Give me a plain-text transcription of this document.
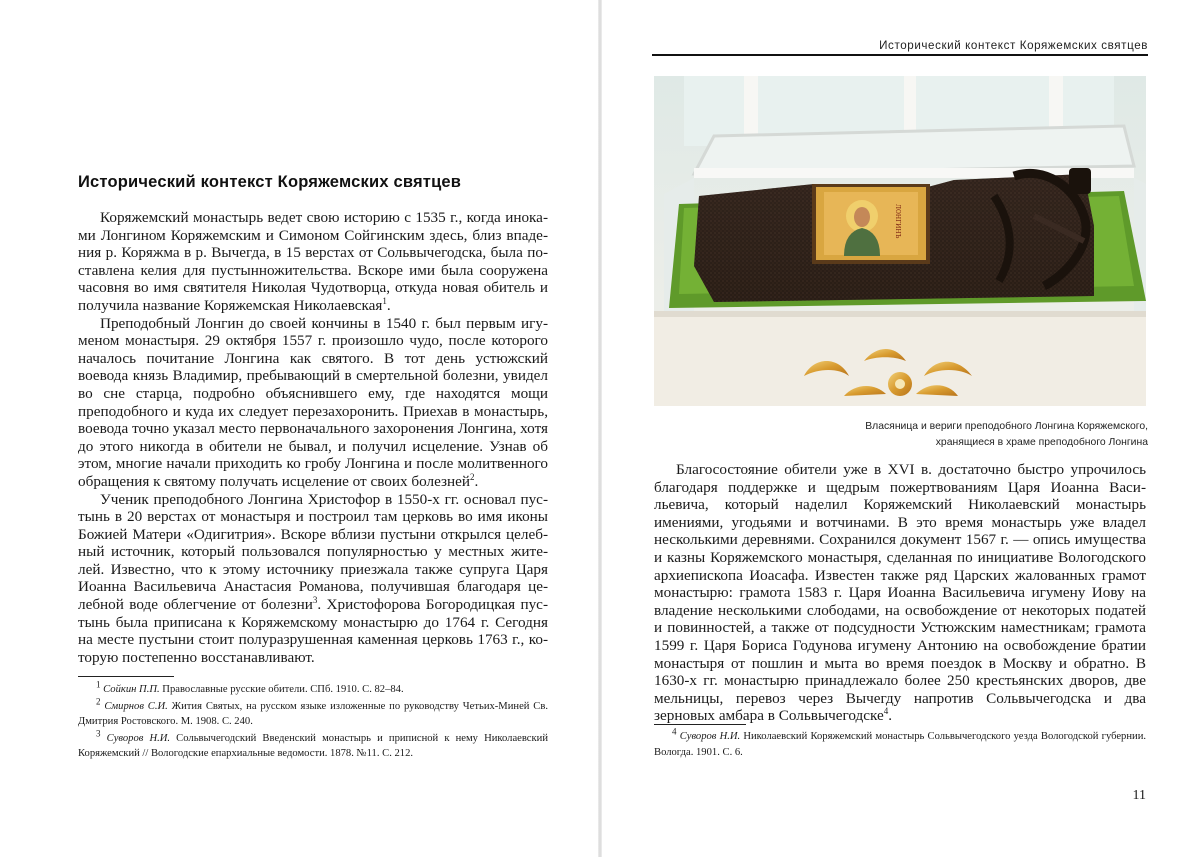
Исторический контекст Коряжемских святцев

Коряжемский монастырь ведет свою историю с 1535 г., когда иноками Лонгином Коряжемским и Симоном Сойгинским здесь, близ впадения р. Коряжма в р. Вычегда, в 15 верстах от Сольвычегодска, была поставлена келия для пустынножительства. Вскоре ими была сооружена часовня во имя святителя Николая Чудотворца, откуда новая обитель и получила название Коряжемская Николаевская$^1$.

Преподобный Лонгин до своей кончины в 1540 г. был первым игуменом монастыря. 29 октября 1557 г. произошло чудо, после которого началось почитание Лонгина как святого. В тот день устюжский воевода князь Владимир, пребывающий в смертельной болезни, увидел во сне старца, подробно объяснившего ему, где находятся мощи преподобного и куда их следует перезахоронить. Приехав в монастырь, воевода точно указал место первоначального захоронения Лонгина, хотя до этого никогда в обители не бывал, и получил исцеление. Узнав об этом, многие начали приходить ко гробу Лонгина и после молитвенного обращения к святому получать исцеление от своих болезней$^2$.

Ученик преподобного Лонгина Христофор в 1550-х гг. основал пустынь в 20 верстах от монастыря и построил там церковь во имя иконы Божией Матери «Одигитрия». Вскоре вблизи пустыни открылся целебный источник, который пользовался популярностью у местных жителей. Известно, что к этому источнику приезжала также супруга Царя Иоанна Васильевича Анастасия Романова, получившая благодаря целебной воде облегчение от болезни$^3$. Христофорова Богородицкая пустынь была приписана к Коряжемскому монастырю до 1764 г. Сегодня на месте пустыни стоит полуразрушенная каменная церковь 1763 г., которую постепенно восстанавливают.

$^1$ Сойкин П.П. Православные русские обители. СПб. 1910. С. 82–84.
$^2$ Смирнов С.И. Жития Святых, на русском языке изложенные по руководству Четьих-Миней Св. Дмитрия Ростовского. М. 1908. С. 240.
$^3$ Суворов Н.И. Сольвычегодский Введенский монастырь и приписной к нему Николаевский Коряжемский // Вологодские епархиальные ведомости. 1878. №11. С. 212.
Исторический контекст Коряжемских святцев
ЛОНГИНЪ
Власяница и вериги преподобного Лонгина Коряжемского,
хранящиеся в храме преподобного Лонгина

Благосостояние обители уже в XVI в. достаточно быстро упрочилось благодаря поддержке и щедрым пожертвованиям Царя Иоанна Васильевича, который наделил Коряжемский Николаевский монастырь имениями, угодьями и вотчинами. В это время монастырь уже владел несколькими деревнями. Сохранился документ 1567 г. — опись имущества и казны Коряжемского монастыря, сделанная по инициативе Вологодского архиепископа Иоасафа. Известен также ряд Царских жалованных грамот монастырю: грамота 1583 г. Царя Иоанна Васильевича игумену Иову на владение несколькими слободами, на освобождение от некоторых податей и повинностей, а также от подсудности Устюжским наместникам; грамота 1599 г. Царя Бориса Годунова игумену Антонию на освобождение братии монастыря от пошлин и мыта во время поездок в Москву и обратно. В 1630-х гг. монастырю принадлежало более 250 крестьянских дворов, две мельницы, перевоз через Вычегду напротив Сольвычегодска и два зерновых амбара в Сольвычегодске$^4$.

$^4$ Суворов Н.И. Николаевский Коряжемский монастырь Сольвычегодского уезда Вологодской губернии. Вологда. 1901. С. 6.
11
